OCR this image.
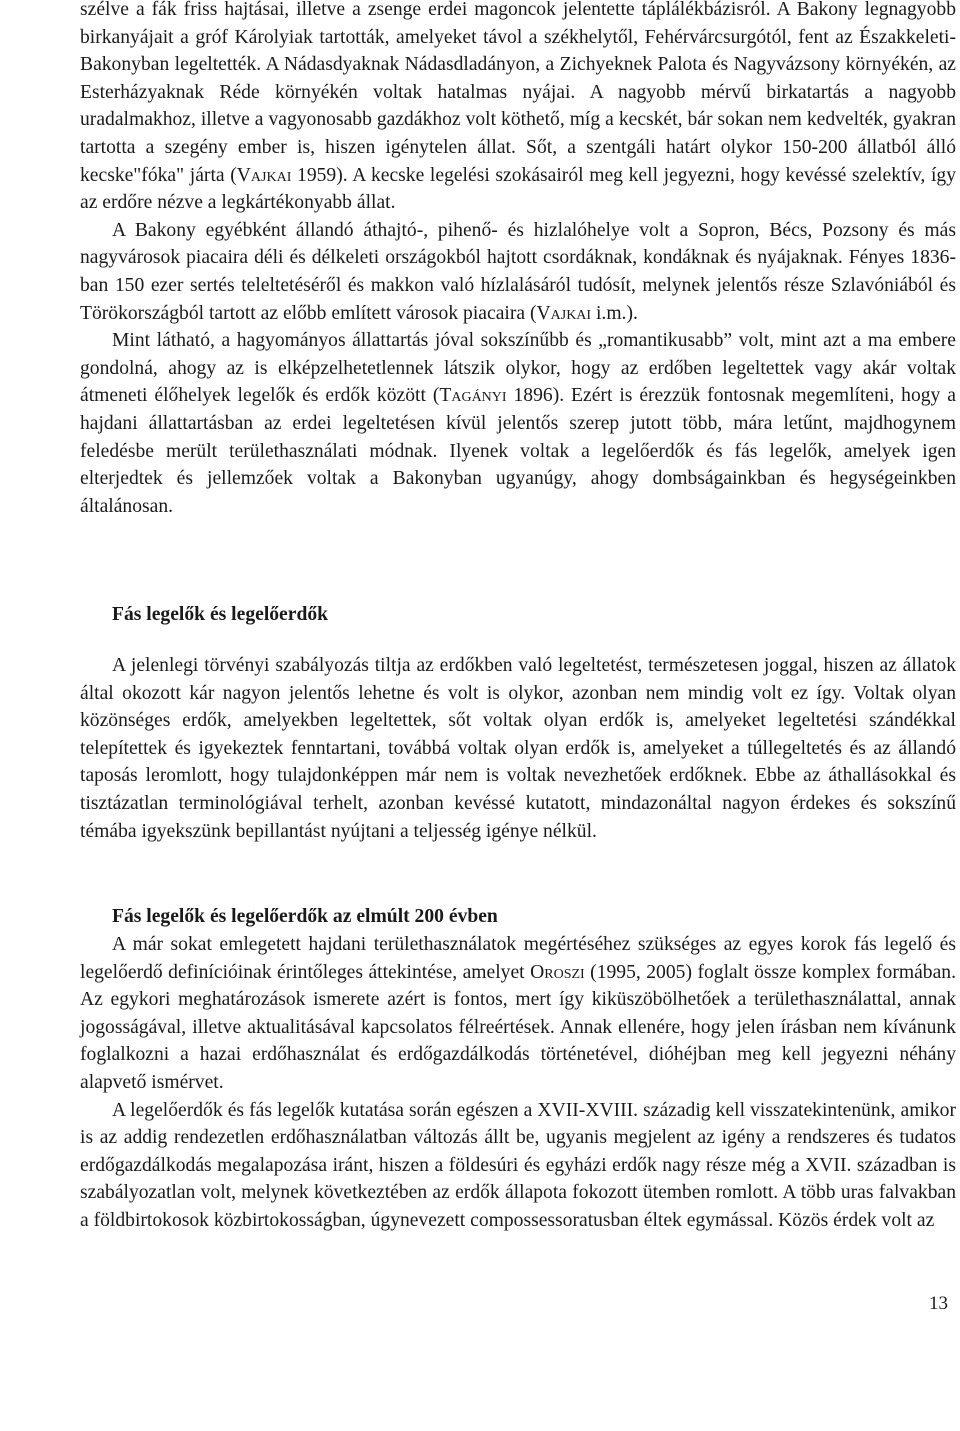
szélve a fák friss hajtásai, illetve a zsenge erdei magoncok jelentette táplálékbázisról. A Bakony legnagyobb birkanyájait a gróf Károlyiak tartották, amelyeket távol a székhelytől, Fehérvárcsurgótól, fent az Északkeleti-Bakonyban legeltették. A Nádasdyaknak Nádasdladányon, a Zichyeknek Palota és Nagyvázsony környékén, az Esterházyaknak Réde környékén voltak hatalmas nyájai. A nagyobb mérvű birkatartás a nagyobb uradalmakhoz, illetve a vagyonosabb gazdákhoz volt köthető, míg a kecskét, bár sokan nem kedvelték, gyakran tartotta a szegény ember is, hiszen igénytelen állat. Sőt, a szentgáli határt olykor 150-200 állatból álló kecske"fóka" járta (Vajkai 1959). A kecske legelési szokásairól meg kell jegyezni, hogy kevéssé szelektív, így az erdőre nézve a legkártékonyabb állat.

A Bakony egyébként állandó áthajtó-, pihenő- és hizlalóhelye volt a Sopron, Bécs, Pozsony és más nagyvárosok piacaira déli és délkeleti országokból hajtott csordáknak, kondáknak és nyájaknak. Fényes 1836-ban 150 ezer sertés teleltetéséről és makkon való hízlalásáról tudósít, melynek jelentős része Szlavóniából és Törökországból tartott az előbb említett városok piacaira (Vajkai i.m.).

Mint látható, a hagyományos állattartás jóval sokszínűbb és „romantikusabb” volt, mint azt a ma embere gondolná, ahogy az is elképzelhetetlennek látszik olykor, hogy az erdőben legeltettek vagy akár voltak átmeneti élőhelyek legelők és erdők között (Tagányi 1896). Ezért is érezzük fontosnak megemlíteni, hogy a hajdani állattartásban az erdei legeltetésen kívül jelentős szerep jutott több, mára letűnt, majdhogynem feledésbe merült területhasználati módnak. Ilyenek voltak a legelőerdők és fás legelők, amelyek igen elterjedtek és jellemzőek voltak a Bakonyban ugyanúgy, ahogy dombságainkban és hegységeinkben általánosan.

Fás legelők és legelőerdők

A jelenlegi törvényi szabályozás tiltja az erdőkben való legeltetést, természetesen joggal, hiszen az állatok által okozott kár nagyon jelentős lehetne és volt is olykor, azonban nem mindig volt ez így. Voltak olyan közönséges erdők, amelyekben legeltettek, sőt voltak olyan erdők is, amelyeket legeltetési szándékkal telepítettek és igyekeztek fenntartani, továbbá voltak olyan erdők is, amelyeket a túllegeltetés és az állandó taposás leromlott, hogy tulajdonképpen már nem is voltak nevezhetőek erdőknek. Ebbe az áthallásokkal és tisztázatlan terminológiával terhelt, azonban kevéssé kutatott, mindazonáltal nagyon érdekes és sokszínű témába igyekszünk bepillantást nyújtani a teljesség igénye nélkül.

Fás legelők és legelőerdők az elmúlt 200 évben

A már sokat emlegetett hajdani területhasználatok megértéséhez szükséges az egyes korok fás legelő és legelőerdő definícióinak érintőleges áttekintése, amelyet Oroszi (1995, 2005) foglalt össze komplex formában. Az egykori meghatározások ismerete azért is fontos, mert így kiküszöbölhetőek a területhasználattal, annak jogosságával, illetve aktualitásával kapcsolatos félreértések. Annak ellenére, hogy jelen írásban nem kívánunk foglalkozni a hazai erdőhasználat és erdőgazdálkodás történetével, dióhéjban meg kell jegyezni néhány alapvető ismérvet.

A legelőerdők és fás legelők kutatása során egészen a XVII-XVIII. századig kell visszatekintenünk, amikor is az addig rendezetlen erdőhasználatban változás állt be, ugyanis megjelent az igény a rendszeres és tudatos erdőgazdálkodás megalapozása iránt, hiszen a földesúri és egyházi erdők nagy része még a XVII. században is szabályozatlan volt, melynek következtében az erdők állapota fokozott ütemben romlott. A több uras falvakban a földbirtokosok közbirtokosságban, úgynevezett compossessoratusban éltek egymással. Közös érdek volt az

13
